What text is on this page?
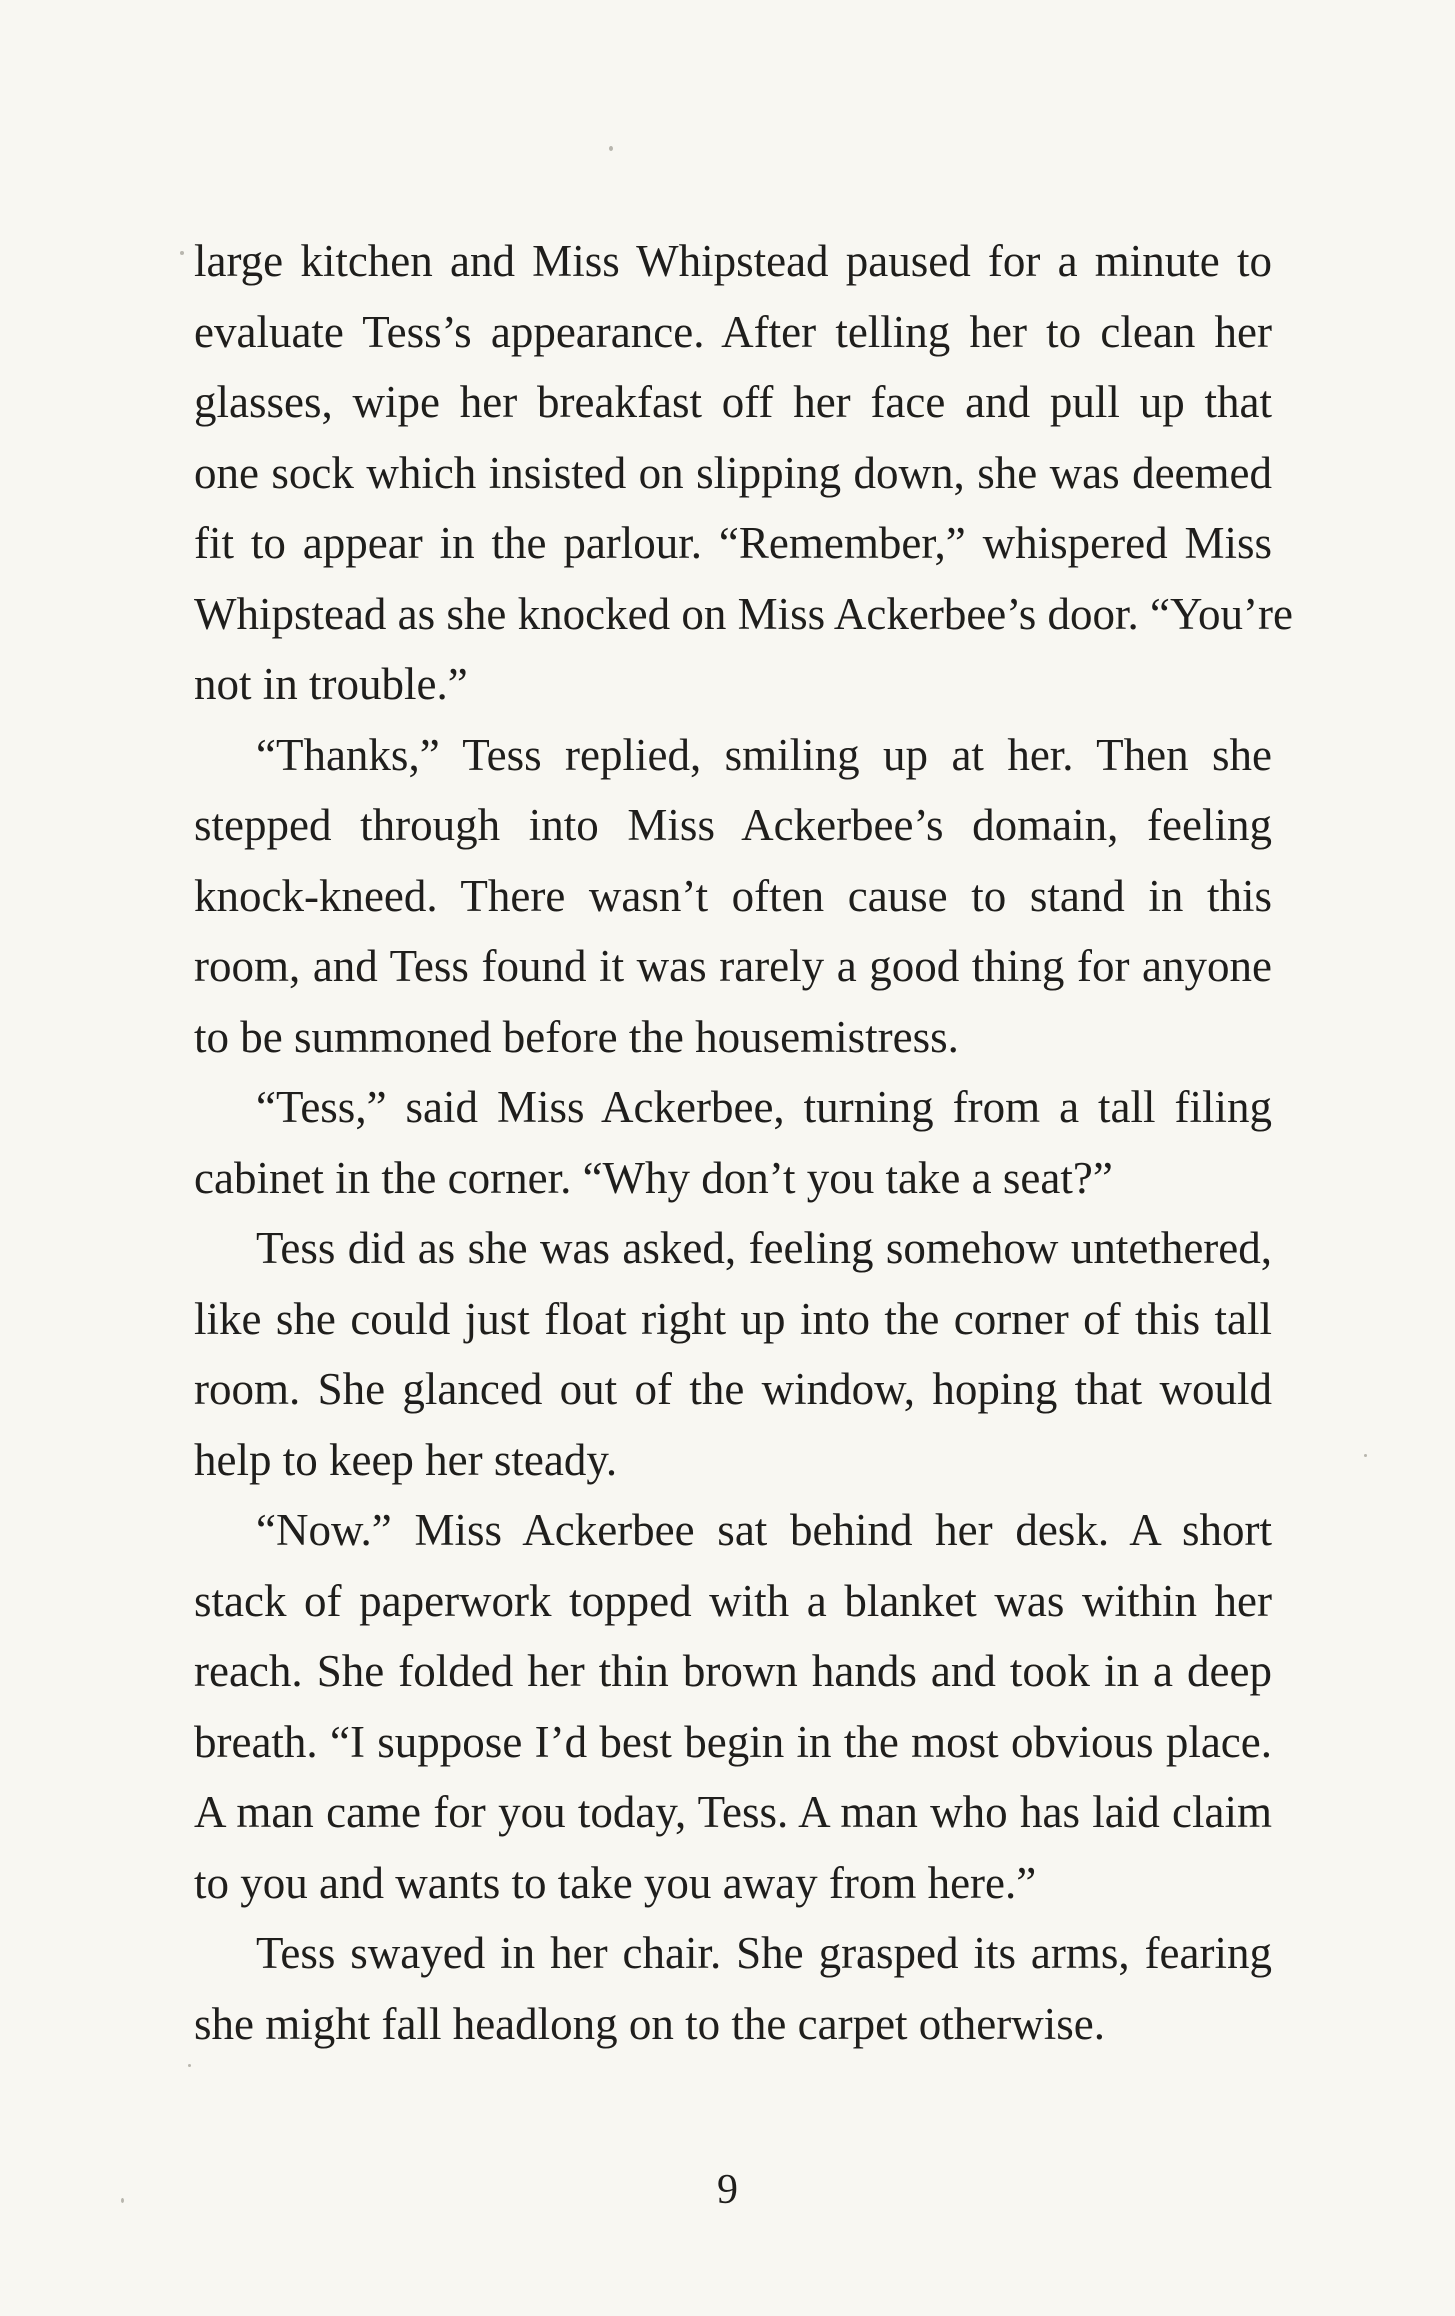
large kitchen and Miss Whipstead paused for a minute to
evaluate Tess’s appearance. After telling her to clean her
glasses, wipe her breakfast off her face and pull up that
one sock which insisted on slipping down, she was deemed
fit to appear in the parlour. “Remember,” whispered Miss
Whipstead as she knocked on Miss Ackerbee’s door. “You’re
not in trouble.”
“Thanks,” Tess replied, smiling up at her. Then she
stepped through into Miss Ackerbee’s domain, feeling
knock-kneed. There wasn’t often cause to stand in this
room, and Tess found it was rarely a good thing for anyone
to be summoned before the housemistress.
“Tess,” said Miss Ackerbee, turning from a tall filing
cabinet in the corner. “Why don’t you take a seat?”
Tess did as she was asked, feeling somehow untethered,
like she could just float right up into the corner of this tall
room. She glanced out of the window, hoping that would
help to keep her steady.
“Now.” Miss Ackerbee sat behind her desk. A short
stack of paperwork topped with a blanket was within her
reach. She folded her thin brown hands and took in a deep
breath. “I suppose I’d best begin in the most obvious place.
A man came for you today, Tess. A man who has laid claim
to you and wants to take you away from here.”
Tess swayed in her chair. She grasped its arms, fearing
she might fall headlong on to the carpet otherwise.
9
